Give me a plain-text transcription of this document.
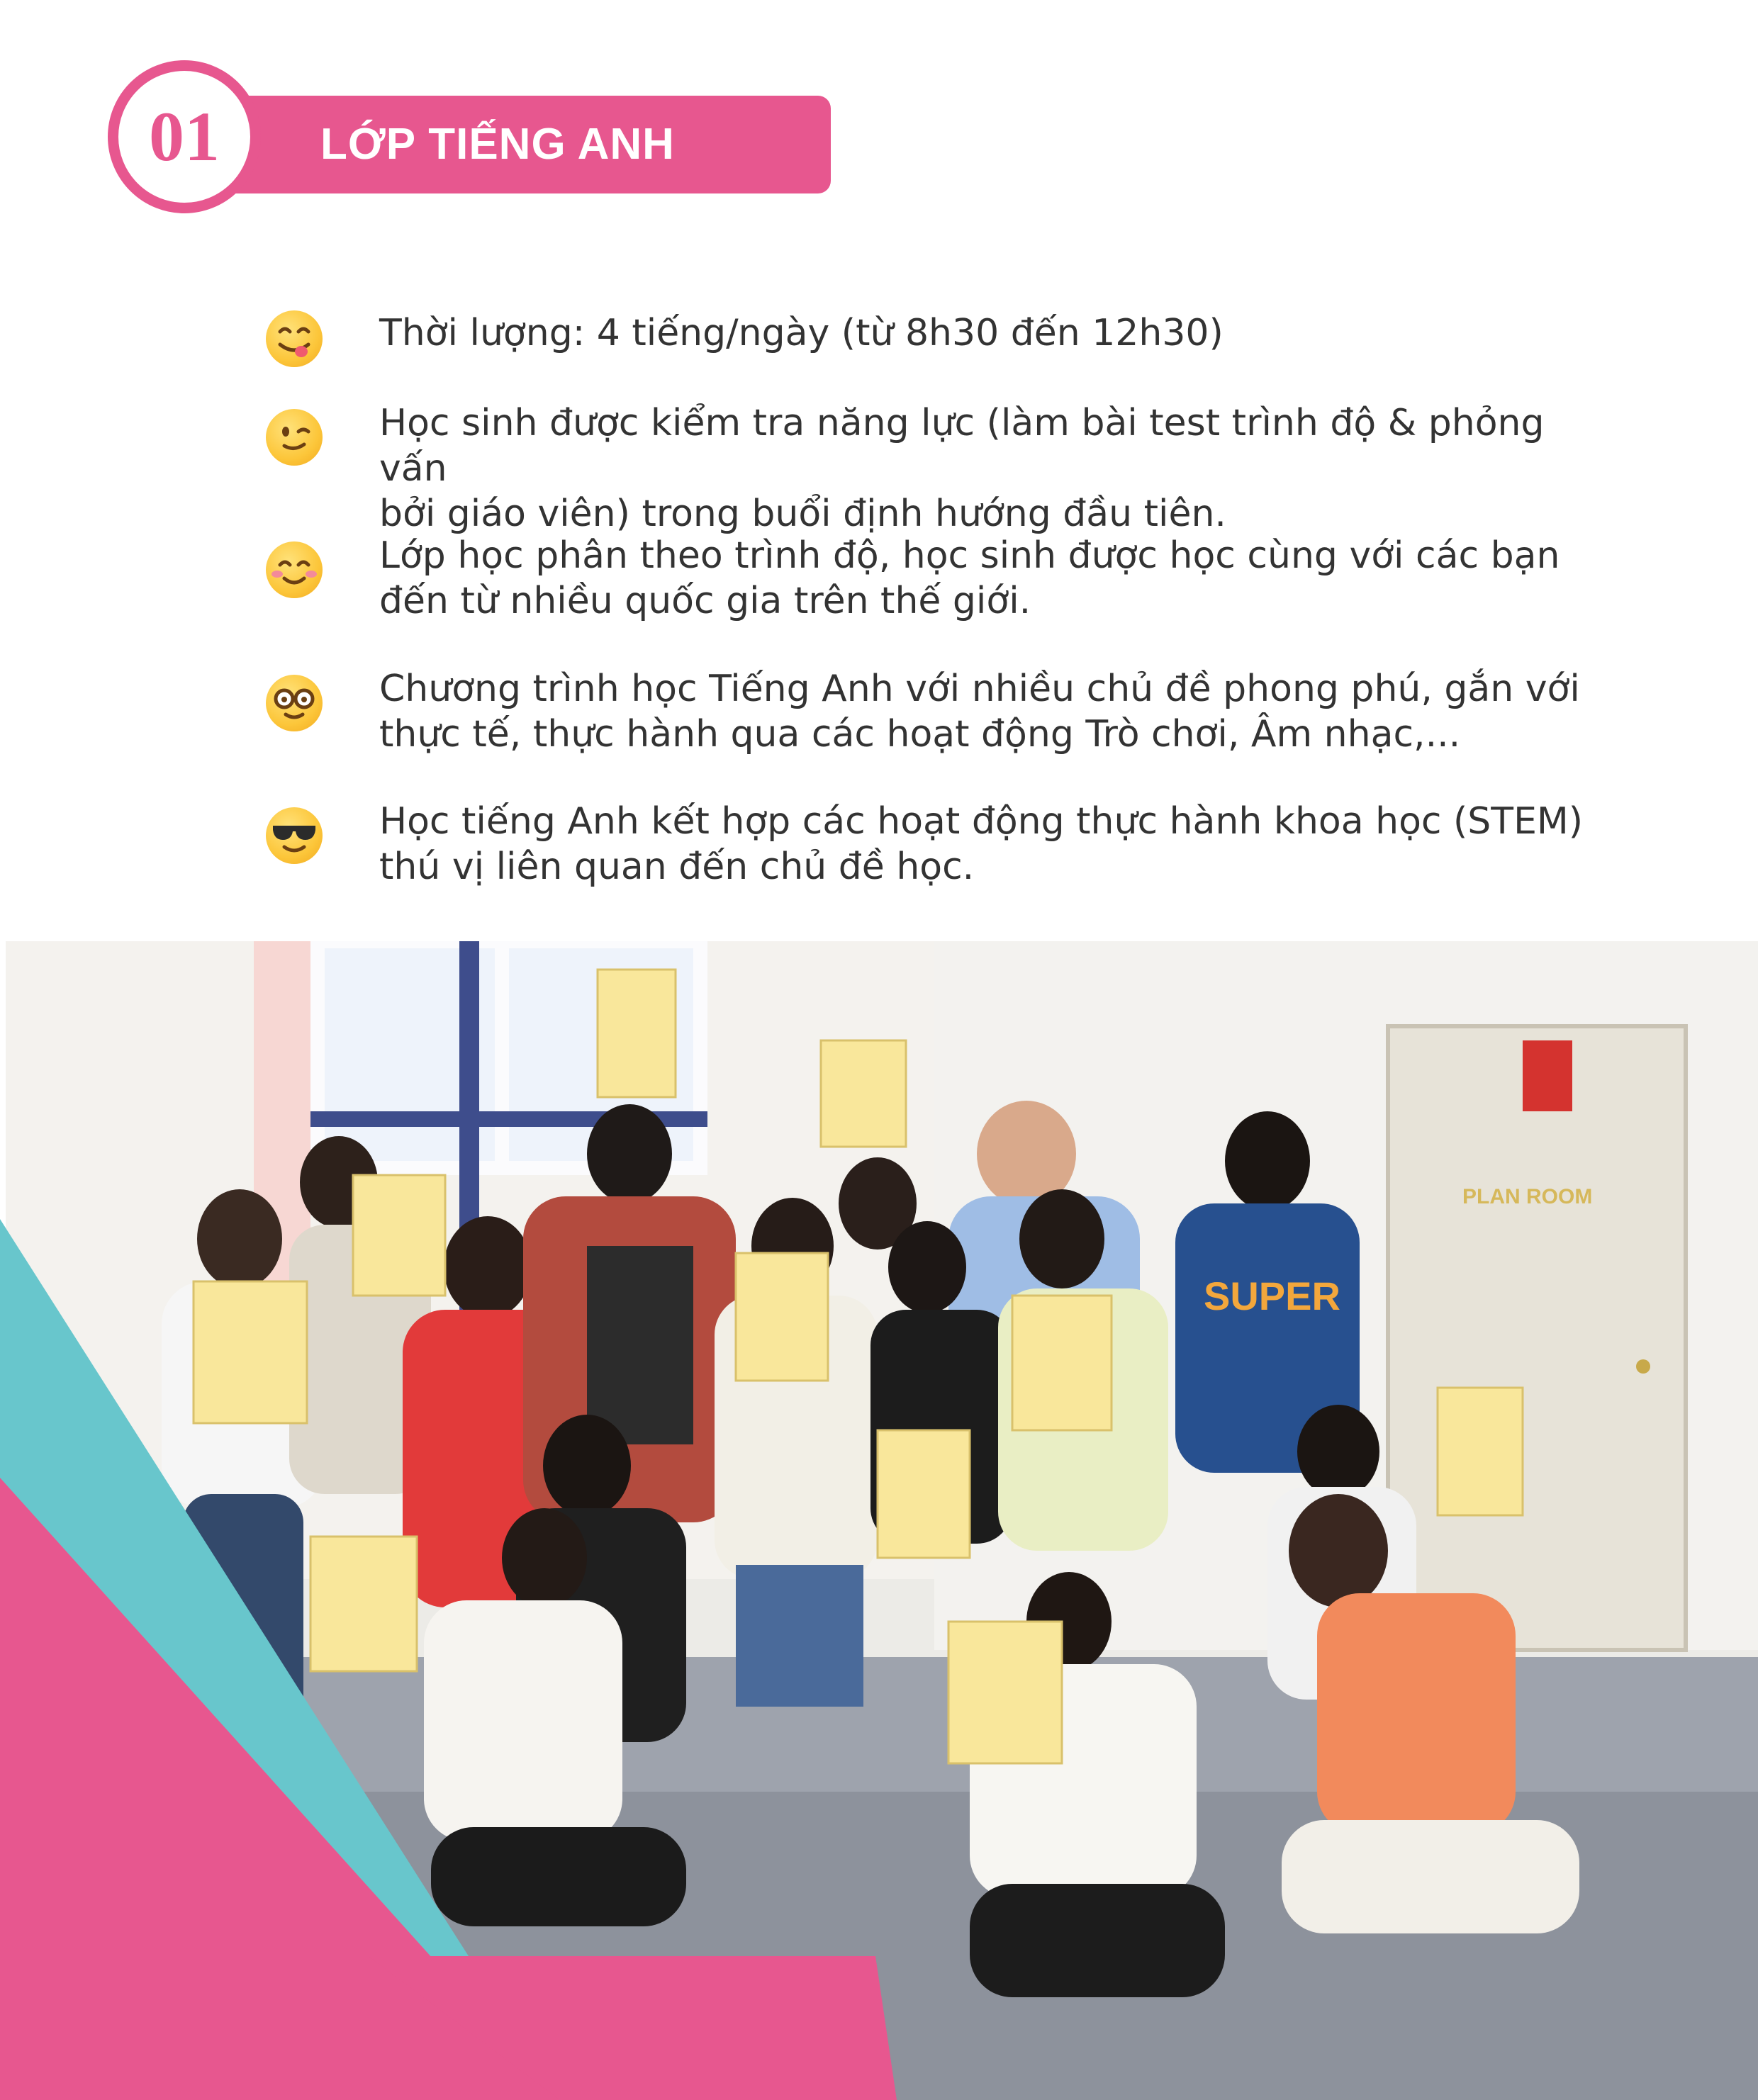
01 LỚP TIẾNG ANH
Thời lượng: 4 tiếng/ngày (từ 8h30 đến 12h30)
Học sinh được kiểm tra năng lực (làm bài test trình độ & phỏng vấn
bởi giáo viên) trong buổi định hướng đầu tiên.
Lớp học phân theo trình độ, học sinh được học cùng với các bạn
đến từ nhiều quốc gia trên thế giới.
Chương trình học Tiếng Anh với nhiều chủ đề phong phú, gắn với
thực tế, thực hành qua các hoạt động Trò chơi, Âm nhạc,...
Học tiếng Anh kết hợp các hoạt động thực hành khoa học (STEM)
thú vị liên quan đến chủ đề học.
PLAN ROOM
SUPER
